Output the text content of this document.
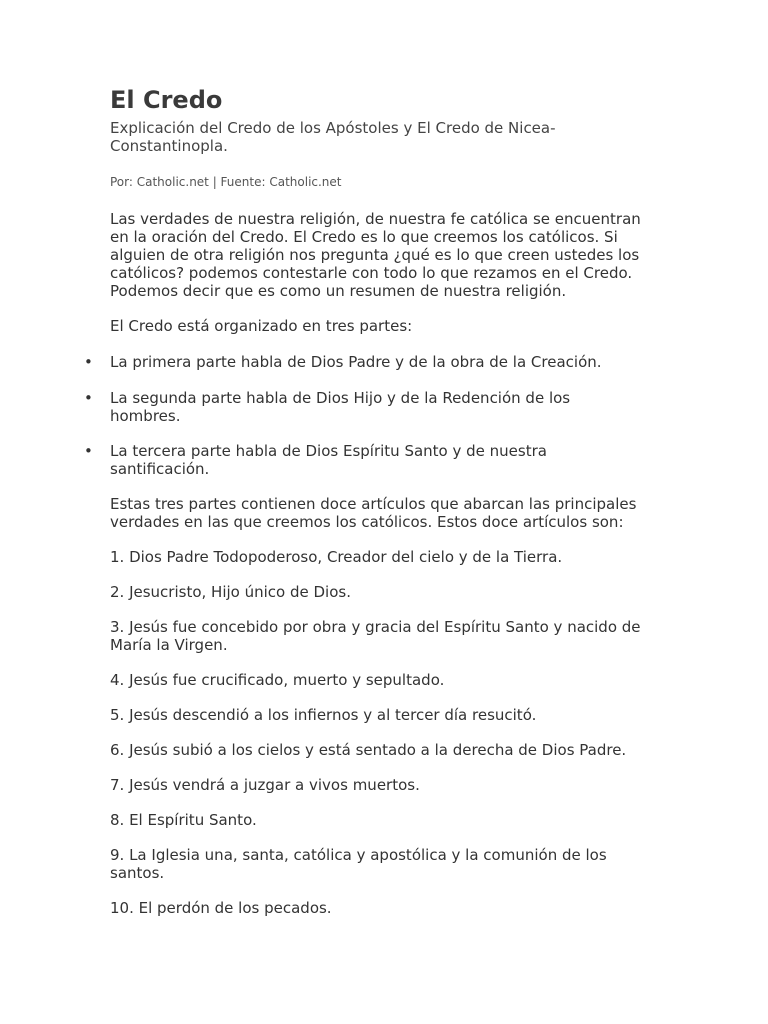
El Credo

Explicación del Credo de los Apóstoles y El Credo de Nicea-Constantinopla.

Por: Catholic.net | Fuente: Catholic.net

Las verdades de nuestra religión, de nuestra fe católica se encuentran en la oración del Credo. El Credo es lo que creemos los católicos. Si alguien de otra religión nos pregunta ¿qué es lo que creen ustedes los católicos? podemos contestarle con todo lo que rezamos en el Credo. Podemos decir que es como un resumen de nuestra religión.

El Credo está organizado en tres partes:

• La primera parte habla de Dios Padre y de la obra de la Creación.
• La segunda parte habla de Dios Hijo y de la Redención de los hombres.
• La tercera parte habla de Dios Espíritu Santo y de nuestra santificación.

Estas tres partes contienen doce artículos que abarcan las principales verdades en las que creemos los católicos. Estos doce artículos son:

1. Dios Padre Todopoderoso, Creador del cielo y de la Tierra.
2. Jesucristo, Hijo único de Dios.
3. Jesús fue concebido por obra y gracia del Espíritu Santo y nacido de María la Virgen.
4. Jesús fue crucificado, muerto y sepultado.
5. Jesús descendió a los infiernos y al tercer día resucitó.
6. Jesús subió a los cielos y está sentado a la derecha de Dios Padre.
7. Jesús vendrá a juzgar a vivos muertos.
8. El Espíritu Santo.
9. La Iglesia una, santa, católica y apostólica y la comunión de los santos.
10. El perdón de los pecados.
